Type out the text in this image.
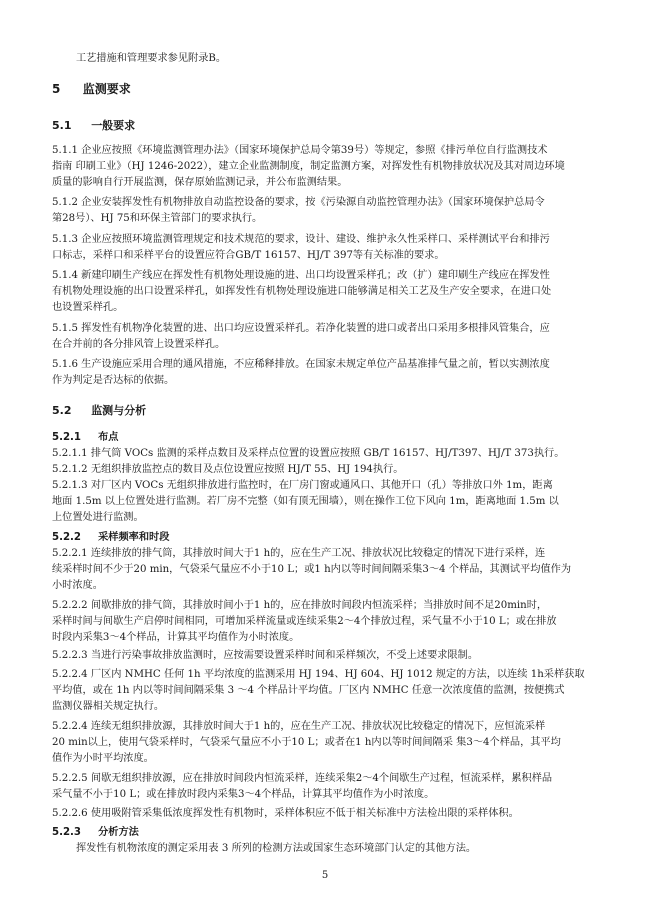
工艺措施和管理要求参见附录B。
5 监测要求
5.1 一般要求
5.1.1 企业应按照《环境监测管理办法》（国家环境保护总局令第39号）等规定，参照《排污单位自行监测技术
指南 印刷工业》（HJ 1246-2022），建立企业监测制度，制定监测方案，对挥发性有机物排放状况及其对周边环境
质量的影响自行开展监测，保存原始监测记录，并公布监测结果。
5.1.2 企业安装挥发性有机物排放自动监控设备的要求，按《污染源自动监控管理办法》（国家环境保护总局令
第28号）、HJ 75和环保主管部门的要求执行。
5.1.3 企业应按照环境监测管理规定和技术规范的要求，设计、建设、维护永久性采样口、采样测试平台和排污
口标志，采样口和采样平台的设置应符合GB/T 16157、HJ/T 397等有关标准的要求。
5.1.4 新建印刷生产线应在挥发性有机物处理设施的进、出口均设置采样孔；改（扩）建印刷生产线应在挥发性
有机物处理设施的出口设置采样孔，如挥发性有机物处理设施进口能够满足相关工艺及生产安全要求，在进口处
也设置采样孔。
5.1.5 挥发性有机物净化装置的进、出口均应设置采样孔。若净化装置的进口或者出口采用多根排风管集合，应
在合并前的各分排风管上设置采样孔。
5.1.6 生产设施应采用合理的通风措施，不应稀释排放。在国家未规定单位产品基准排气量之前，暂以实测浓度
作为判定是否达标的依据。
5.2 监测与分析
5.2.1 布点
5.2.1.1 排气筒 VOCs 监测的采样点数目及采样点位置的设置应按照 GB/T 16157、HJ/T397、HJ/T 373执行。
5.2.1.2 无组织排放监控点的数目及点位设置应按照 HJ/T 55、HJ 194执行。
5.2.1.3 对厂区内 VOCs 无组织排放进行监控时，在厂房门窗或通风口、其他开口（孔）等排放口外 1m，距离
地面 1.5m 以上位置处进行监测。若厂房不完整（如有顶无围墙），则在操作工位下风向 1m，距离地面 1.5m 以
上位置处进行监测。
5.2.2 采样频率和时段
5.2.2.1 连续排放的排气筒，其排放时间大于1 h的，应在生产工况、排放状况比较稳定的情况下进行采样，连
续采样时间不少于20 min，气袋采气量应不小于10 L；或1 h内以等时间间隔采集3～4 个样品，其测试平均值作为
小时浓度。
5.2.2.2 间歇排放的排气筒，其排放时间小于1 h的，应在排放时间段内恒流采样；当排放时间不足20min时，
采样时间与间歇生产启停时间相同，可增加采样流量或连续采集2～4个排放过程，采气量不小于10 L；或在排放
时段内采集3～4个样品，计算其平均值作为小时浓度。
5.2.2.3 当进行污染事故排放监测时，应按需要设置采样时间和采样频次，不受上述要求限制。
5.2.2.4 厂区内 NMHC 任何 1h 平均浓度的监测采用 HJ 194、HJ 604、HJ 1012 规定的方法，以连续 1h采样获取
平均值，或在 1h 内以等时间间隔采集 3 ～4 个样品计平均值。厂区内 NMHC 任意一次浓度值的监测，按便携式
监测仪器相关规定执行。
5.2.2.4 连续无组织排放源，其排放时间大于1 h的，应在生产工况、排放状况比较稳定的情况下，应恒流采样
20 min以上，使用气袋采样时，气袋采气量应不小于10 L；或者在1 h内以等时间间隔采 集3～4个样品，其平均
值作为小时平均浓度。
5.2.2.5 间歇无组织排放源，应在排放时间段内恒流采样，连续采集2～4个间歇生产过程，恒流采样，累积样品
采气量不小于10 L；或在排放时段内采集3～4个样品，计算其平均值作为小时浓度。
5.2.2.6 使用吸附管采集低浓度挥发性有机物时，采样体积应不低于相关标准中方法检出限的采样体积。
5.2.3 分析方法
挥发性有机物浓度的测定采用表 3 所列的检测方法或国家生态环境部门认定的其他方法。
5
